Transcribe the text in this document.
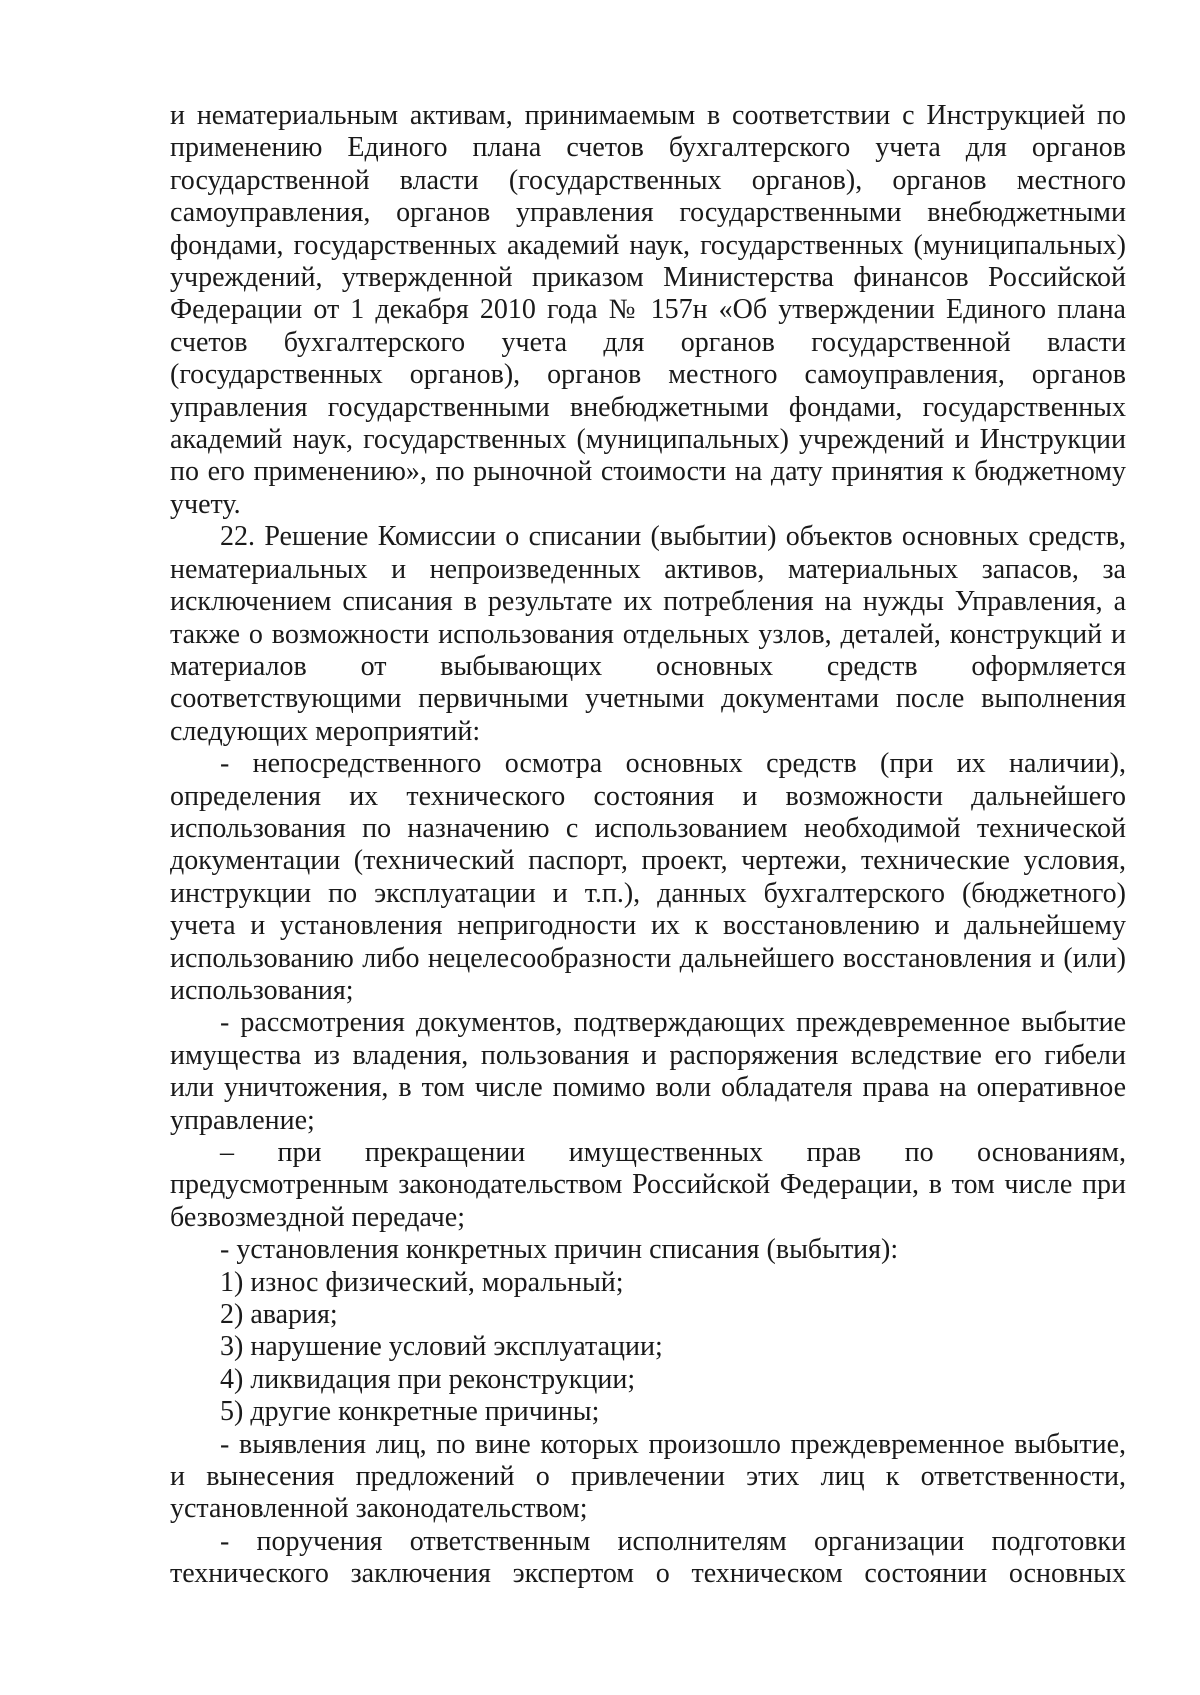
и нематериальным активам, принимаемым в соответствии с Инструкцией по применению Единого плана счетов бухгалтерского учета для органов государственной власти (государственных органов), органов местного самоуправления, органов управления государственными внебюджетными фондами, государственных академий наук, государственных (муниципальных) учреждений, утвержденной приказом Министерства финансов Российской Федерации от 1 декабря 2010 года № 157н «Об утверждении Единого плана счетов бухгалтерского учета для органов государственной власти (государственных органов), органов местного самоуправления, органов управления государственными внебюджетными фондами, государственных академий наук, государственных (муниципальных) учреждений и Инструкции по его применению», по рыночной стоимости на дату принятия к бюджетному учету.

22. Решение Комиссии о списании (выбытии) объектов основных средств, нематериальных и непроизведенных активов, материальных запасов, за исключением списания в результате их потребления на нужды Управления, а также о возможности использования отдельных узлов, деталей, конструкций и материалов от выбывающих основных средств оформляется соответствующими первичными учетными документами после выполнения следующих мероприятий:

- непосредственного осмотра основных средств (при их наличии), определения их технического состояния и возможности дальнейшего использования по назначению с использованием необходимой технической документации (технический паспорт, проект, чертежи, технические условия, инструкции по эксплуатации и т.п.), данных бухгалтерского (бюджетного) учета и установления непригодности их к восстановлению и дальнейшему использованию либо нецелесообразности дальнейшего восстановления и (или) использования;

- рассмотрения документов, подтверждающих преждевременное выбытие имущества из владения, пользования и распоряжения вследствие его гибели или уничтожения, в том числе помимо воли обладателя права на оперативное управление;

– при прекращении имущественных прав по основаниям, предусмотренным законодательством Российской Федерации, в том числе при безвозмездной передаче;

- установления конкретных причин списания (выбытия):

1) износ физический, моральный;

2) авария;

3) нарушение условий эксплуатации;

4) ликвидация при реконструкции;

5) другие конкретные причины;

- выявления лиц, по вине которых произошло преждевременное выбытие, и вынесения предложений о привлечении этих лиц к ответственности, установленной законодательством;

- поручения ответственным исполнителям организации подготовки технического заключения экспертом о техническом состоянии основных
